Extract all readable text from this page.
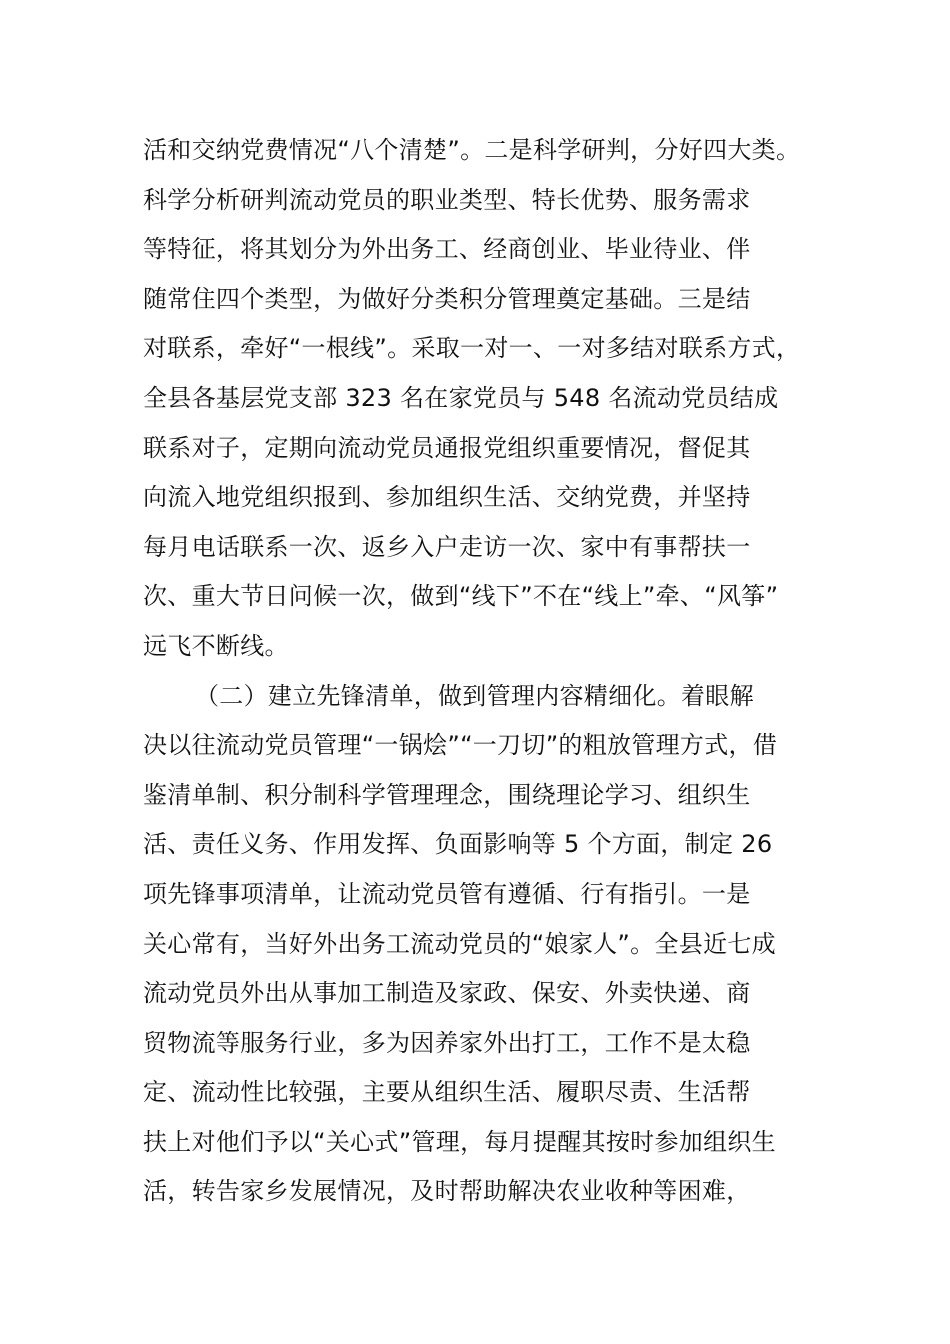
活和交纳党费情况“八个清楚”。二是科学研判，分好四大类。
科学分析研判流动党员的职业类型、特长优势、服务需求
等特征，将其划分为外出务工、经商创业、毕业待业、伴
随常住四个类型，为做好分类积分管理奠定基础。三是结
对联系，牵好“一根线”。采取一对一、一对多结对联系方式，
全县各基层党支部 323 名在家党员与 548 名流动党员结成
联系对子，定期向流动党员通报党组织重要情况，督促其
向流入地党组织报到、参加组织生活、交纳党费，并坚持
每月电话联系一次、返乡入户走访一次、家中有事帮扶一
次、重大节日问候一次，做到“线下”不在“线上”牵、“风筝”
远飞不断线。
（二）建立先锋清单，做到管理内容精细化。着眼解
决以往流动党员管理“一锅烩”“一刀切”的粗放管理方式，借
鉴清单制、积分制科学管理理念，围绕理论学习、组织生
活、责任义务、作用发挥、负面影响等 5 个方面，制定 26
项先锋事项清单，让流动党员管有遵循、行有指引。一是
关心常有，当好外出务工流动党员的“娘家人”。全县近七成
流动党员外出从事加工制造及家政、保安、外卖快递、商
贸物流等服务行业，多为因养家外出打工，工作不是太稳
定、流动性比较强，主要从组织生活、履职尽责、生活帮
扶上对他们予以“关心式”管理，每月提醒其按时参加组织生
活，转告家乡发展情况，及时帮助解决农业收种等困难，
